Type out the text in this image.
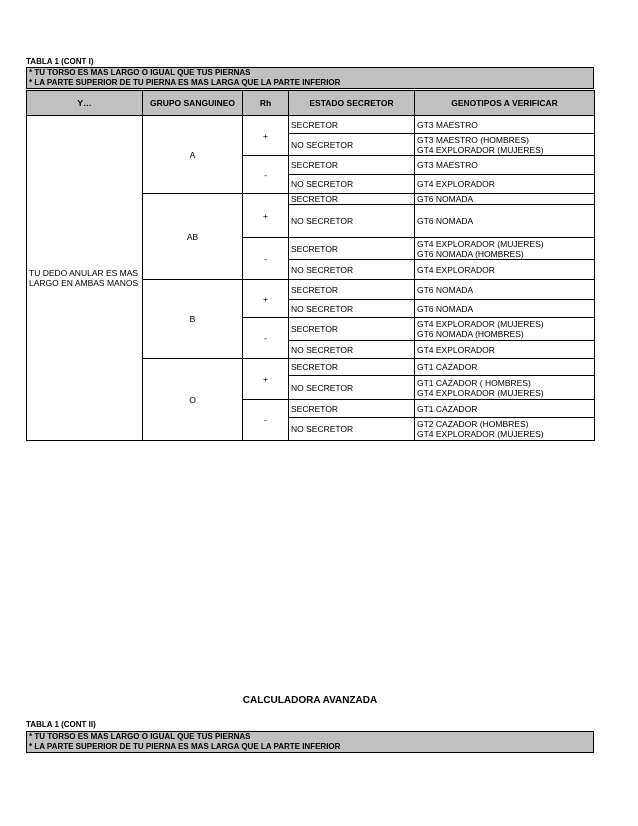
TABLA 1 (CONT I)
* TU TORSO ES MAS LARGO O IGUAL QUE TUS PIERNAS
* LA PARTE SUPERIOR DE TU PIERNA ES MAS LARGA QUE LA PARTE INFERIOR
Y…	GRUPO SANGUINEO	Rh	ESTADO SECRETOR	GENOTIPOS A VERIFICAR
TU DEDO ANULAR ES MAS LARGO EN AMBAS MANOS	A	+	SECRETOR	GT3 MAESTRO

			NO SECRETOR	GT3 MAESTRO (HOMBRES)
GT4 EXPLORADOR (MUJERES)

		-	SECRETOR	GT3 MAESTRO

			NO SECRETOR	GT4 EXPLORADOR

	AB	+	SECRETOR	GT6 NOMADA

			NO SECRETOR	GT6 NOMADA

		-	SECRETOR	GT4 EXPLORADOR (MUJERES)
GT6 NOMADA (HOMBRES)

			NO SECRETOR	GT4 EXPLORADOR

	B	+	SECRETOR	GT6 NOMADA

			NO SECRETOR	GT6 NOMADA

		-	SECRETOR	GT4 EXPLORADOR (MUJERES)
GT6 NOMADA (HOMBRES)

			NO SECRETOR	GT4 EXPLORADOR

	O	+	SECRETOR	GT1 CAZADOR

			NO SECRETOR	GT1 CAZADOR ( HOMBRES)
GT4 EXPLORADOR (MUJERES)

		-	SECRETOR	GT1 CAZADOR

			NO SECRETOR	GT2 CAZADOR (HOMBRES)
GT4 EXPLORADOR (MUJERES)
CALCULADORA AVANZADA
TABLA 1 (CONT II)
* TU TORSO ES MAS LARGO O IGUAL QUE TUS PIERNAS
* LA PARTE SUPERIOR DE TU PIERNA ES MAS LARGA QUE LA PARTE INFERIOR
